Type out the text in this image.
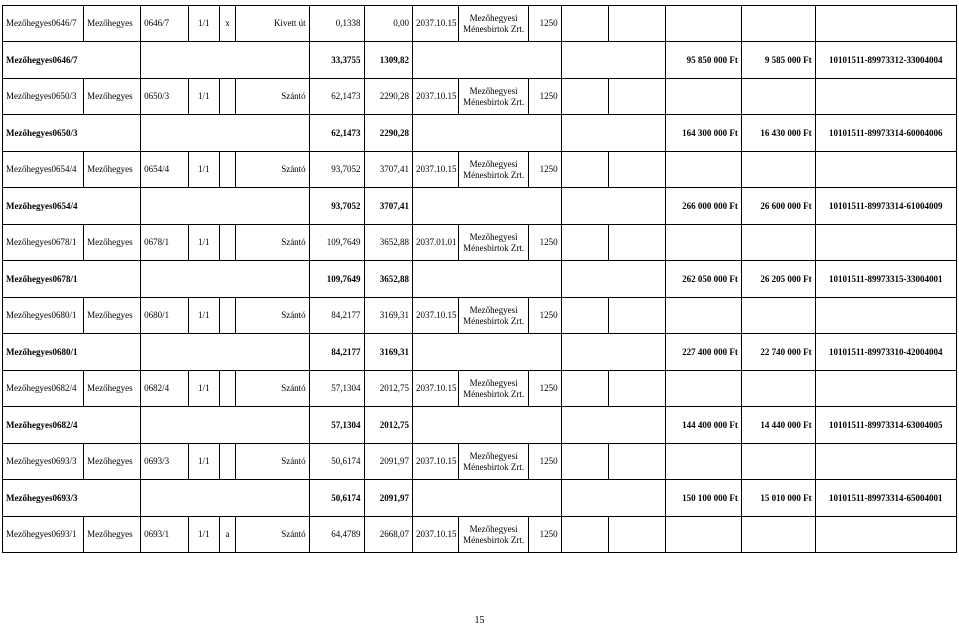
Mezőhegyes0646/7	Mezőhegyes	0646/7	1/1	x	Kivett út	0,1338	0,00	2037.10.15	Mezőhegyesi Ménesbirtok Zrt.	1250					
Mezőhegyes0646/7						33,3755	1309,82						95 850 000 Ft	9 585 000 Ft	10101511-89973312-33004004
Mezőhegyes0650/3	Mezőhegyes	0650/3	1/1		Szántó	62,1473	2290,28	2037.10.15	Mezőhegyesi Ménesbirtok Zrt.	1250					
Mezőhegyes0650/3						62,1473	2290,28						164 300 000 Ft	16 430 000 Ft	10101511-89973314-60004006
Mezőhegyes0654/4	Mezőhegyes	0654/4	1/1		Szántó	93,7052	3707,41	2037.10.15	Mezőhegyesi Ménesbirtok Zrt.	1250					
Mezőhegyes0654/4						93,7052	3707,41						266 000 000 Ft	26 600 000 Ft	10101511-89973314-61004009
Mezőhegyes0678/1	Mezőhegyes	0678/1	1/1		Szántó	109,7649	3652,88	2037.01.01	Mezőhegyesi Ménesbirtok Zrt.	1250					
Mezőhegyes0678/1						109,7649	3652,88						262 050 000 Ft	26 205 000 Ft	10101511-89973315-33004001
Mezőhegyes0680/1	Mezőhegyes	0680/1	1/1		Szántó	84,2177	3169,31	2037.10.15	Mezőhegyesi Ménesbirtok Zrt.	1250					
Mezőhegyes0680/1						84,2177	3169,31						227 400 000 Ft	22 740 000 Ft	10101511-89973310-42004004
Mezőhegyes0682/4	Mezőhegyes	0682/4	1/1		Szántó	57,1304	2012,75	2037.10.15	Mezőhegyesi Ménesbirtok Zrt.	1250					
Mezőhegyes0682/4						57,1304	2012,75						144 400 000 Ft	14 440 000 Ft	10101511-89973314-63004005
Mezőhegyes0693/3	Mezőhegyes	0693/3	1/1		Szántó	50,6174	2091,97	2037.10.15	Mezőhegyesi Ménesbirtok Zrt.	1250					
Mezőhegyes0693/3						50,6174	2091,97						150 100 000 Ft	15 010 000 Ft	10101511-89973314-65004001
Mezőhegyes0693/1	Mezőhegyes	0693/1	1/1	a	Szántó	64,4789	2668,07	2037.10.15	Mezőhegyesi Ménesbirtok Zrt.	1250					
15
